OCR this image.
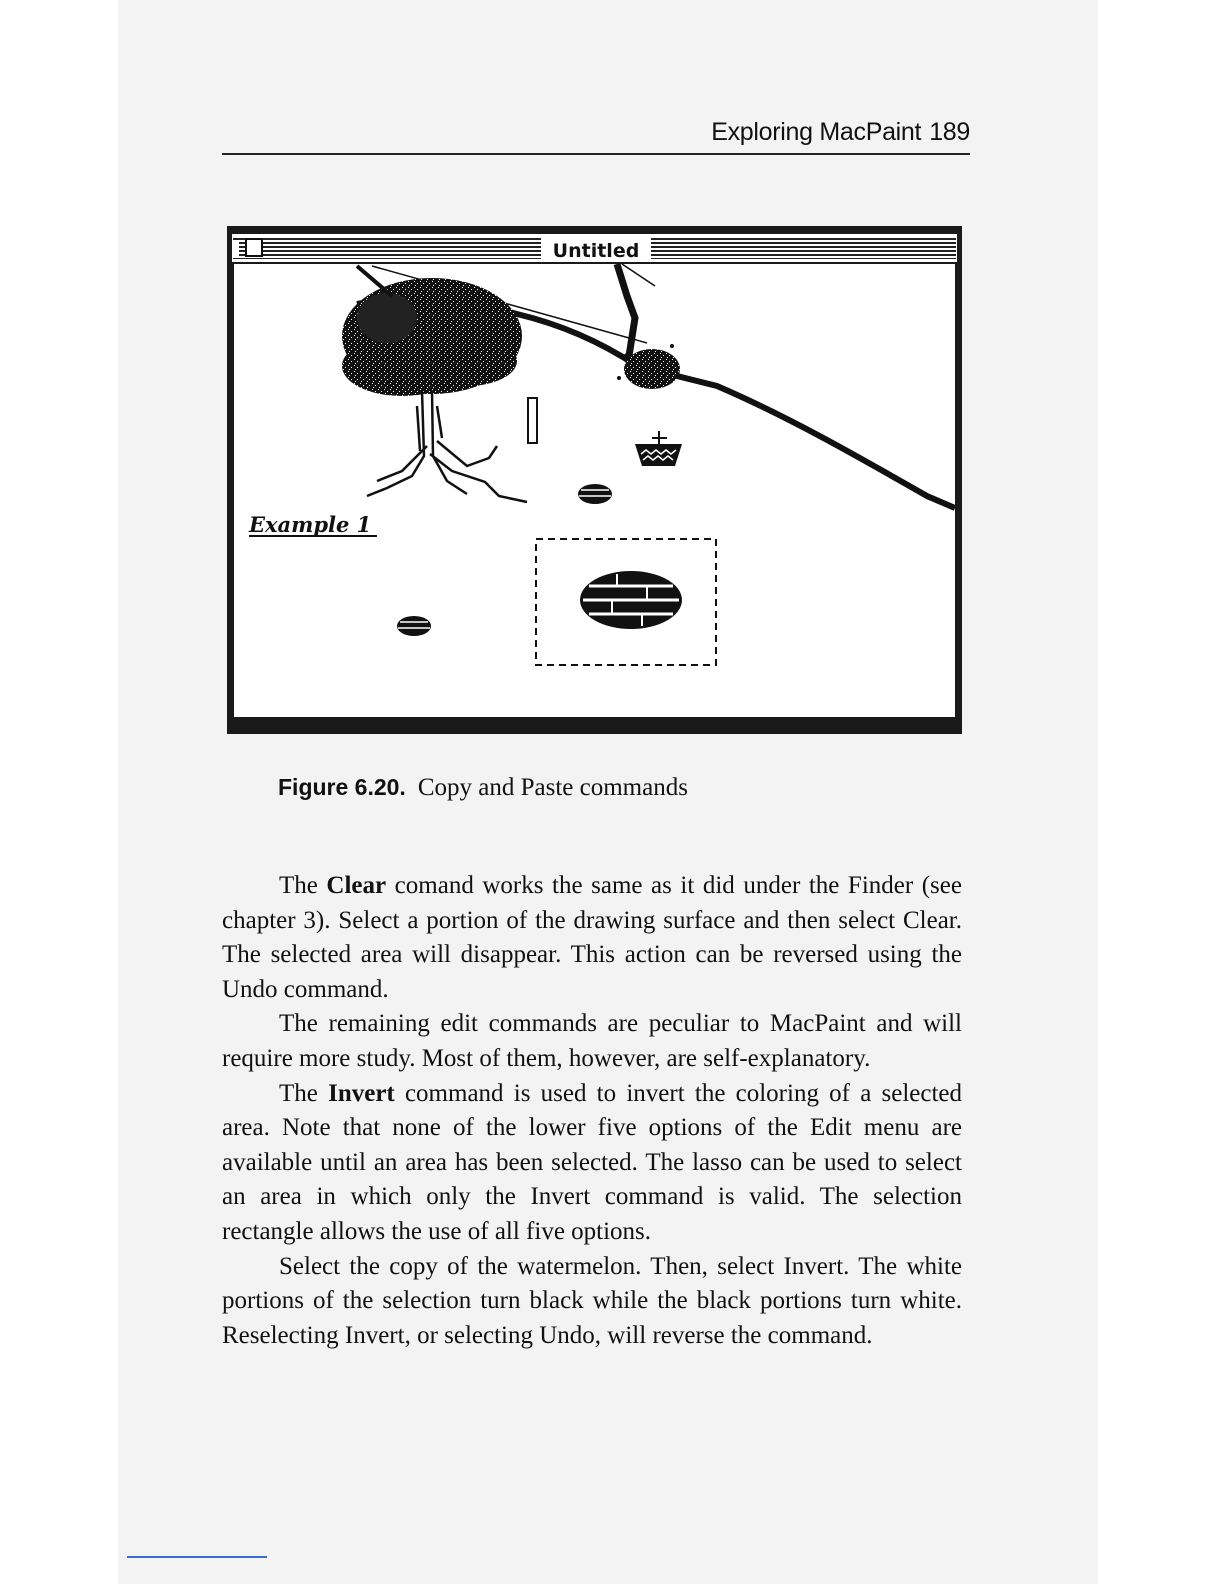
Exploring MacPaint 189
Untitled
Example 1
Figure 6.20. Copy and Paste commands

The Clear comand works the same as it did under the Finder (see chapter 3). Select a portion of the drawing surface and then select Clear. The selected area will disappear. This action can be reversed using the Undo command.

The remaining edit commands are peculiar to MacPaint and will require more study. Most of them, however, are self-explanatory.

The Invert command is used to invert the coloring of a selected area. Note that none of the lower five options of the Edit menu are available until an area has been selected. The lasso can be used to select an area in which only the Invert command is valid. The selection rectangle allows the use of all five options.

Select the copy of the watermelon. Then, select Invert. The white portions of the selection turn black while the black portions turn white. Reselecting Invert, or selecting Undo, will reverse the command.
